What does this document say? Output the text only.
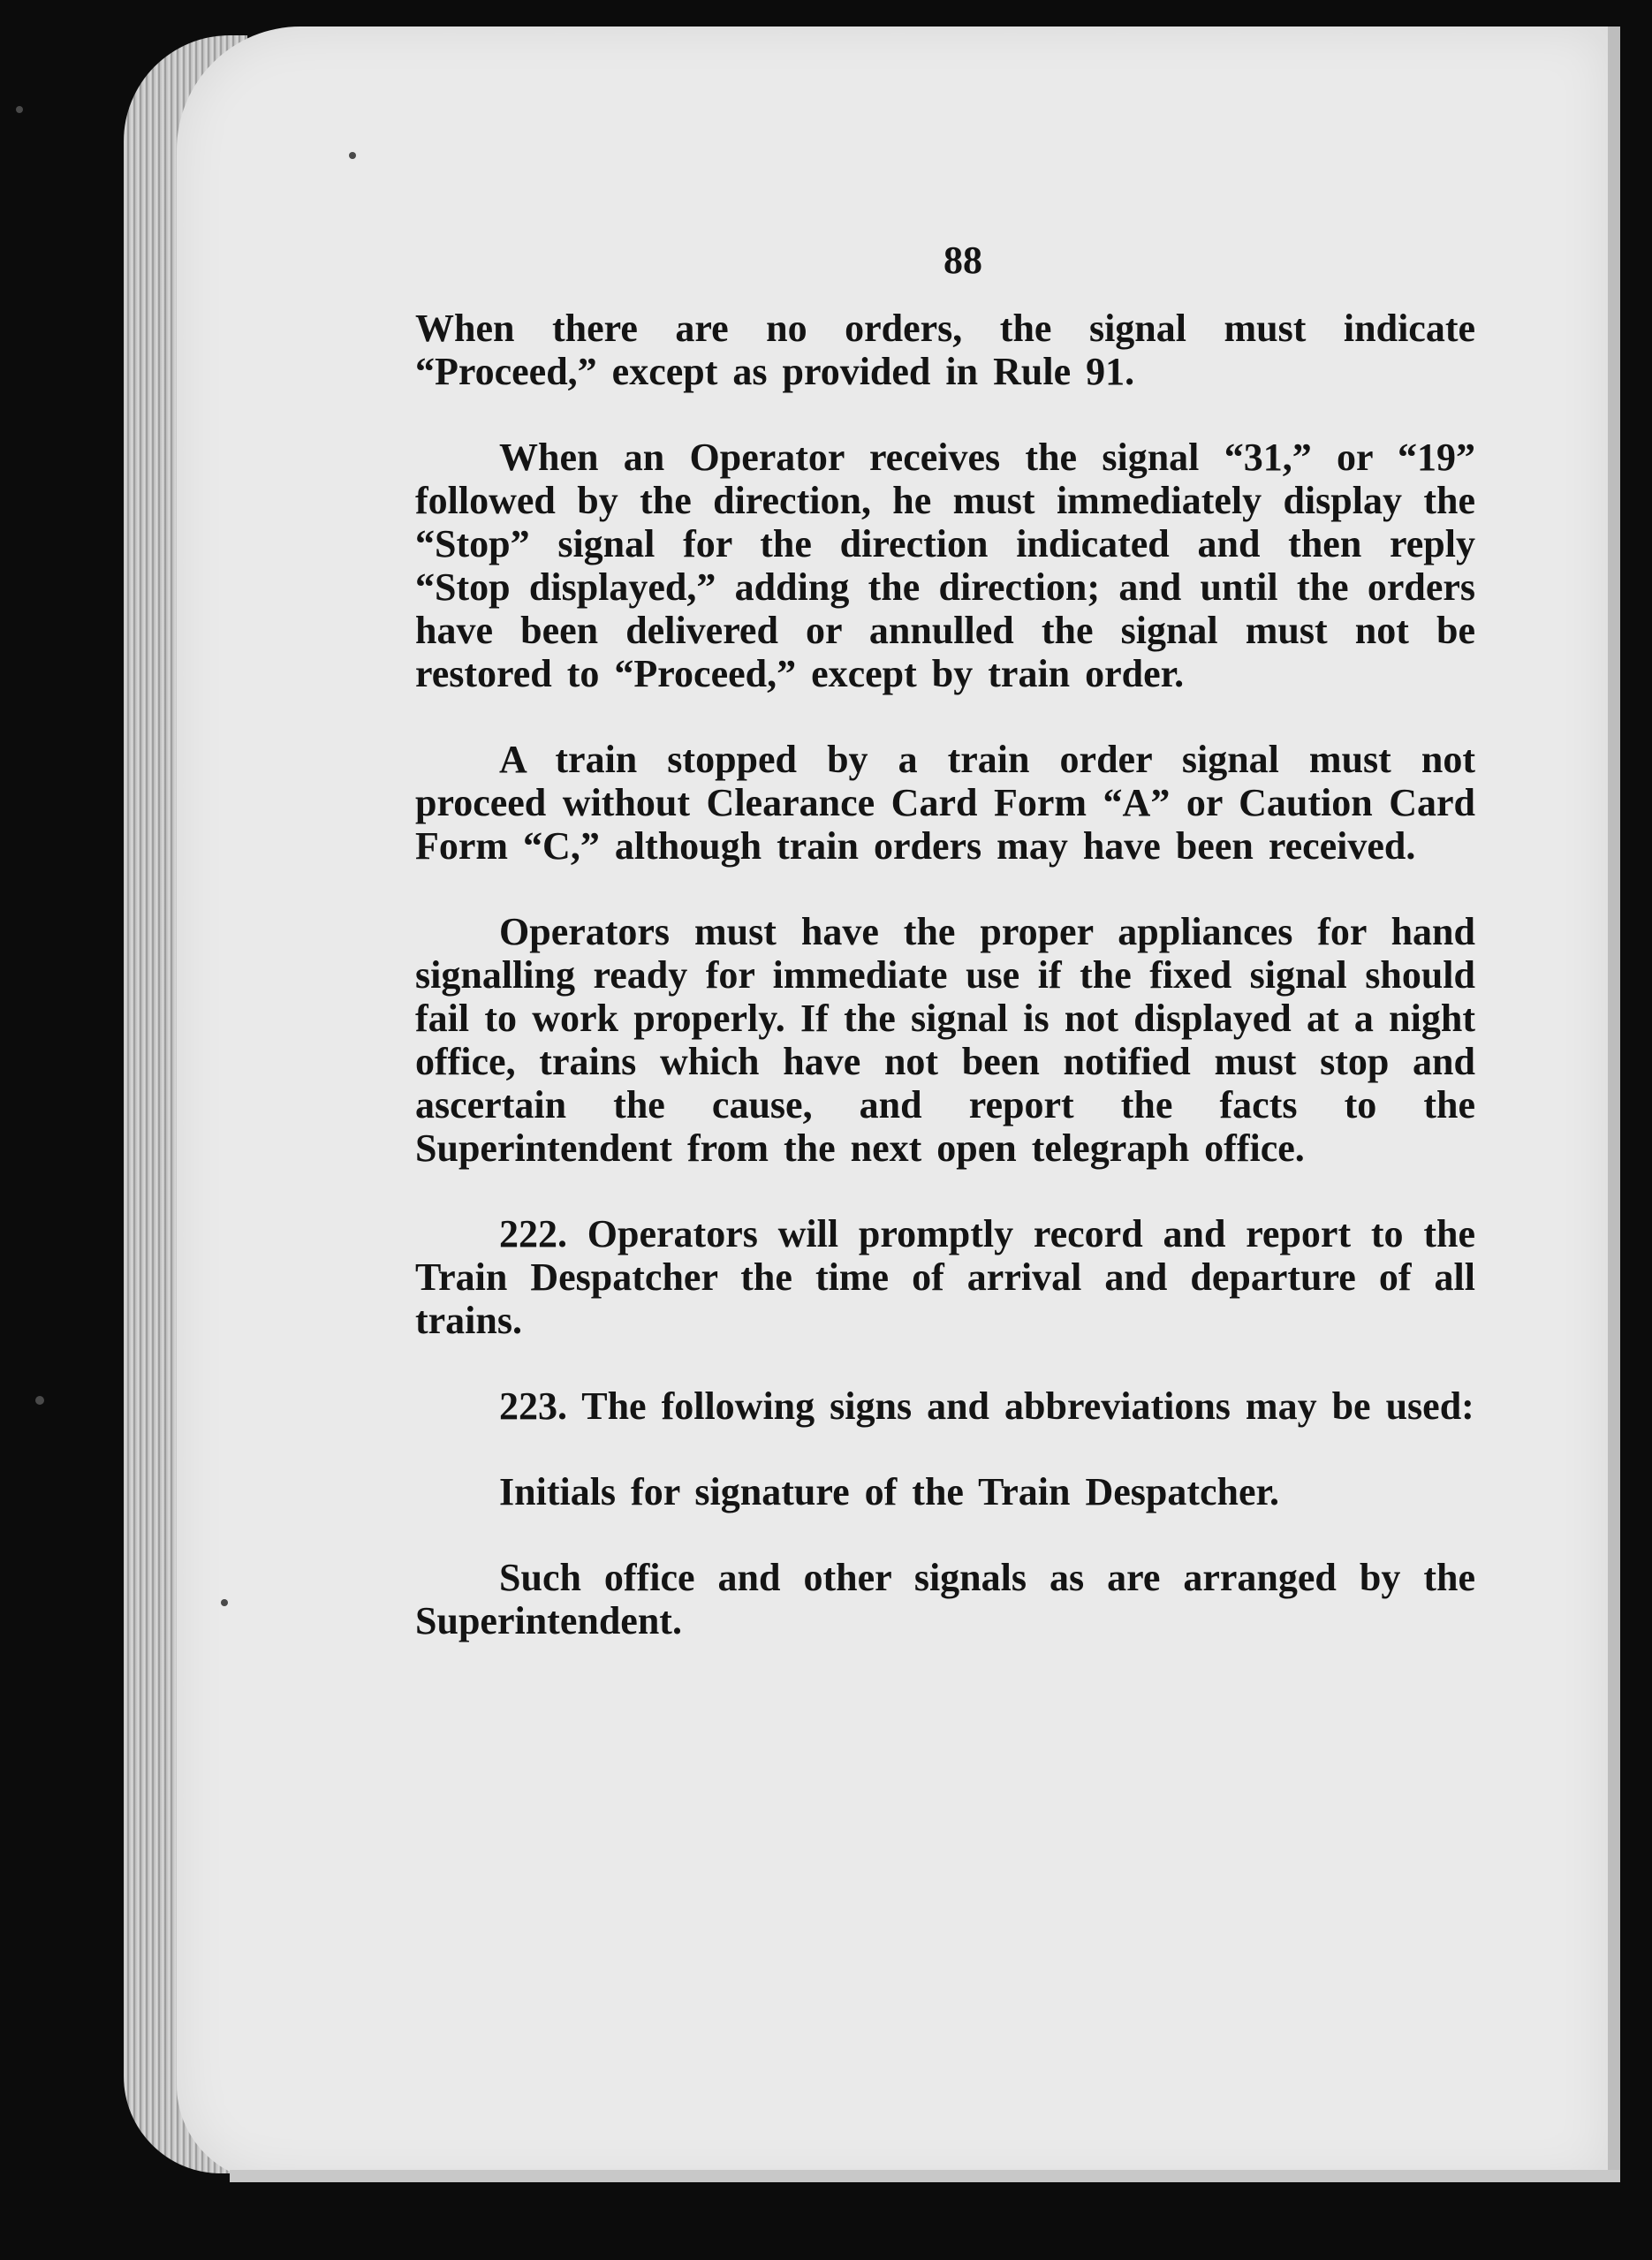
88

When there are no orders, the signal must indicate “Proceed,” except as provided in Rule 91.

When an Operator receives the signal “31,” or “19” followed by the direction, he must immediately display the “Stop” signal for the direction indicated and then reply “Stop displayed,” adding the direction; and until the orders have been delivered or annulled the signal must not be restored to “Proceed,” except by train order.

A train stopped by a train order signal must not proceed without Clearance Card Form “A” or Caution Card Form “C,” although train orders may have been received.

Operators must have the proper appliances for hand signalling ready for immediate use if the fixed signal should fail to work properly. If the signal is not displayed at a night office, trains which have not been notified must stop and ascertain the cause, and report the facts to the Superintendent from the next open telegraph office.

222. Operators will promptly record and report to the Train Despatcher the time of arrival and departure of all trains.

223. The following signs and abbreviations may be used:

Initials for signature of the Train Despatcher.

Such office and other signals as are arranged by the Superintendent.
